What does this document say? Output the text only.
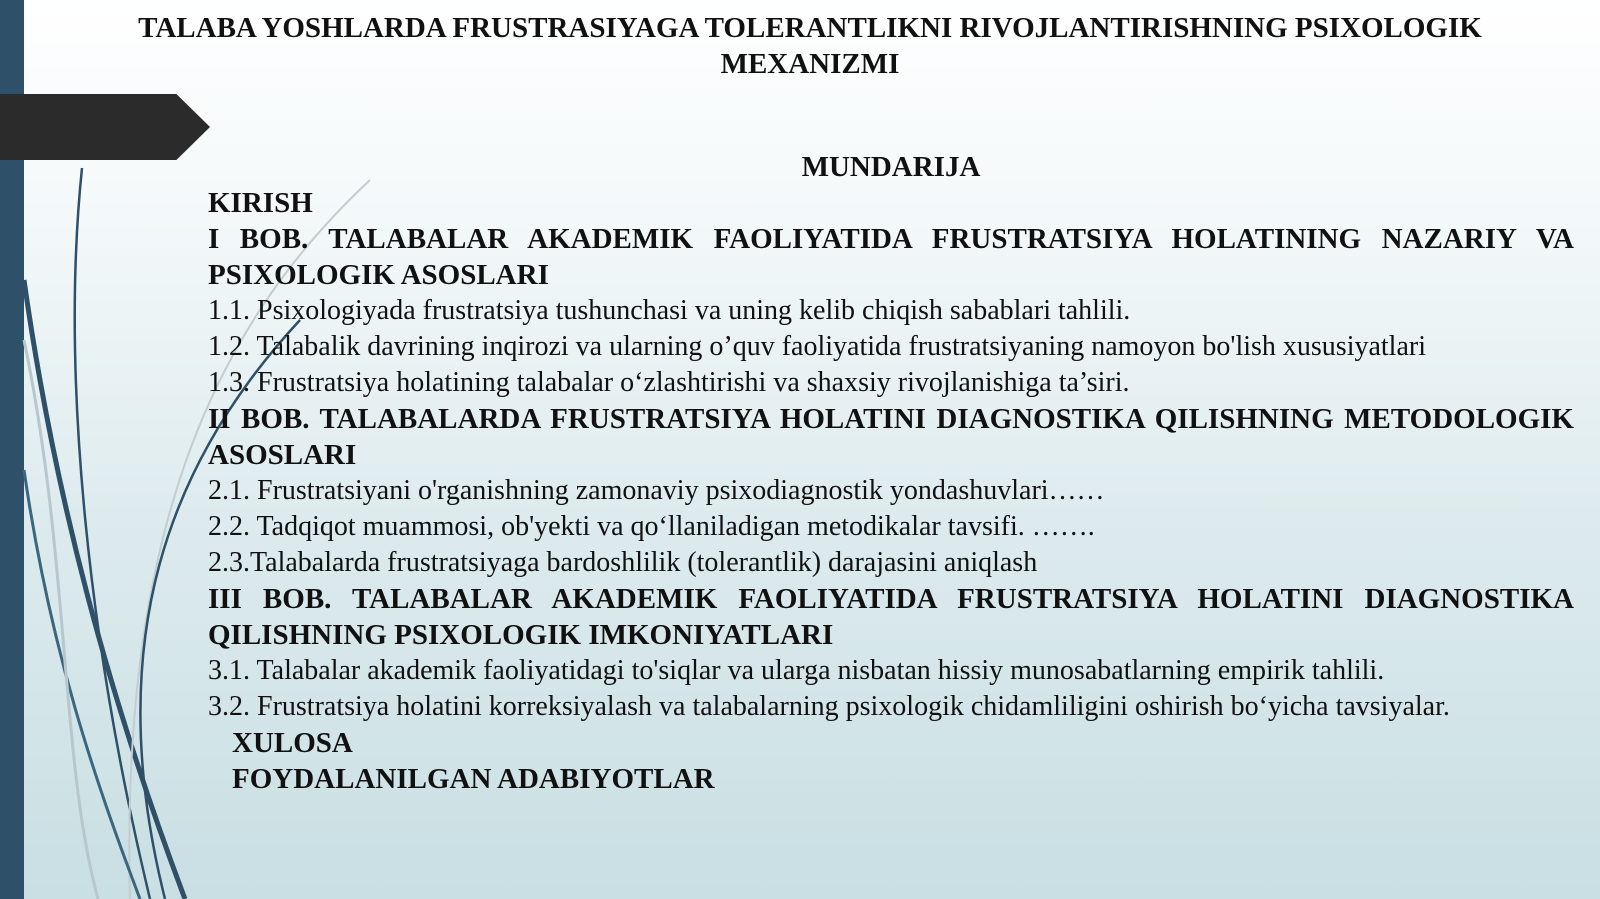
TALABA YOSHLARDA FRUSTRASIYAGA TOLERANTLIKNI RIVOJLANTIRISHNING PSIXOLOGIK MEXANIZMI
MUNDARIJA
KIRISH
I BOB. TALABALAR AKADEMIK FAOLIYATIDA FRUSTRATSIYA HOLATINING NAZARIY VA PSIXOLOGIK ASOSLARI
1.1. Psixologiyada frustratsiya tushunchasi va uning kelib chiqish sabablari tahlili.
1.2. Talabalik davrining inqirozi va ularning o’quv faoliyatida frustratsiyaning namoyon bo'lish xususiyatlari
1.3. Frustratsiya holatining talabalar o‘zlashtirishi va shaxsiy rivojlanishiga ta’siri.
II BOB. TALABALARDA FRUSTRATSIYA HOLATINI DIAGNOSTIKA QILISHNING METODOLOGIK ASOSLARI
2.1. Frustratsiyani o'rganishning zamonaviy psixodiagnostik yondashuvlari……
2.2. Tadqiqot muammosi, ob'yekti va qo‘llaniladigan metodikalar tavsifi. …….
2.3.Talabalarda frustratsiyaga bardoshlilik (tolerantlik) darajasini aniqlash
III BOB. TALABALAR AKADEMIK FAOLIYATIDA FRUSTRATSIYA HOLATINI DIAGNOSTIKA QILISHNING PSIXOLOGIK IMKONIYATLARI
3.1. Talabalar akademik faoliyatidagi to'siqlar va ularga nisbatan hissiy munosabatlarning empirik tahlili.
3.2. Frustratsiya holatini korreksiyalash va talabalarning psixologik chidamliligini oshirish bo‘yicha tavsiyalar.
XULOSA
FOYDALANILGAN ADABIYOTLAR
